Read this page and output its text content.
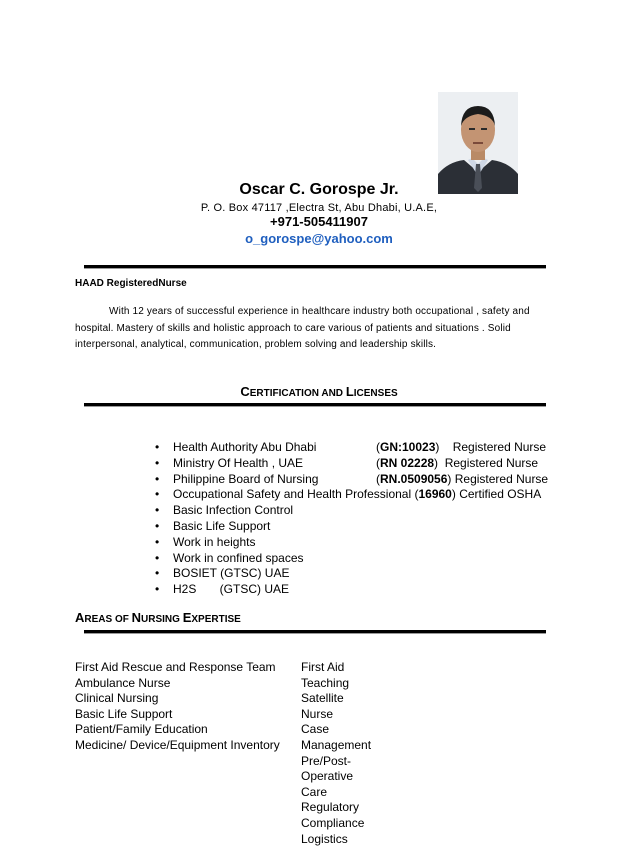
Oscar C. Gorospe Jr.
P. O. Box 47117 ,Electra St, Abu Dhabi, U.A.E,
+971-505411907
o_gorospe@yahoo.com
HAAD RegisteredNurse
With 12 years of successful experience in healthcare industry both occupational , safety and hospital. Mastery of skills and holistic approach to care various of patients and situations . Solid interpersonal, analytical, communication, problem solving and leadership skills.
CERTIFICATION AND LICENSES
• Health Authority Abu Dhabi	(GN:10023) Registered Nurse
• Ministry Of Health , UAE	(RN 02228) Registered Nurse
• Philippine Board of Nursing	(RN.0509056) Registered Nurse
• Occupational Safety and Health Professional (16960) Certified OSHA
• Basic Infection Control
• Basic Life Support
• Work in heights
• Work in confined spaces
• BOSIET (GTSC) UAE
• H2S       (GTSC) UAE
AREAS OF NURSING EXPERTISE
First Aid Rescue and Response Team
Ambulance Nurse
Clinical Nursing
Basic Life Support
Patient/Family Education
Medicine/ Device/Equipment Inventory
First Aid Teaching
Satellite Nurse
Case Management
Pre/Post-Operative Care
Regulatory Compliance
Logistics
